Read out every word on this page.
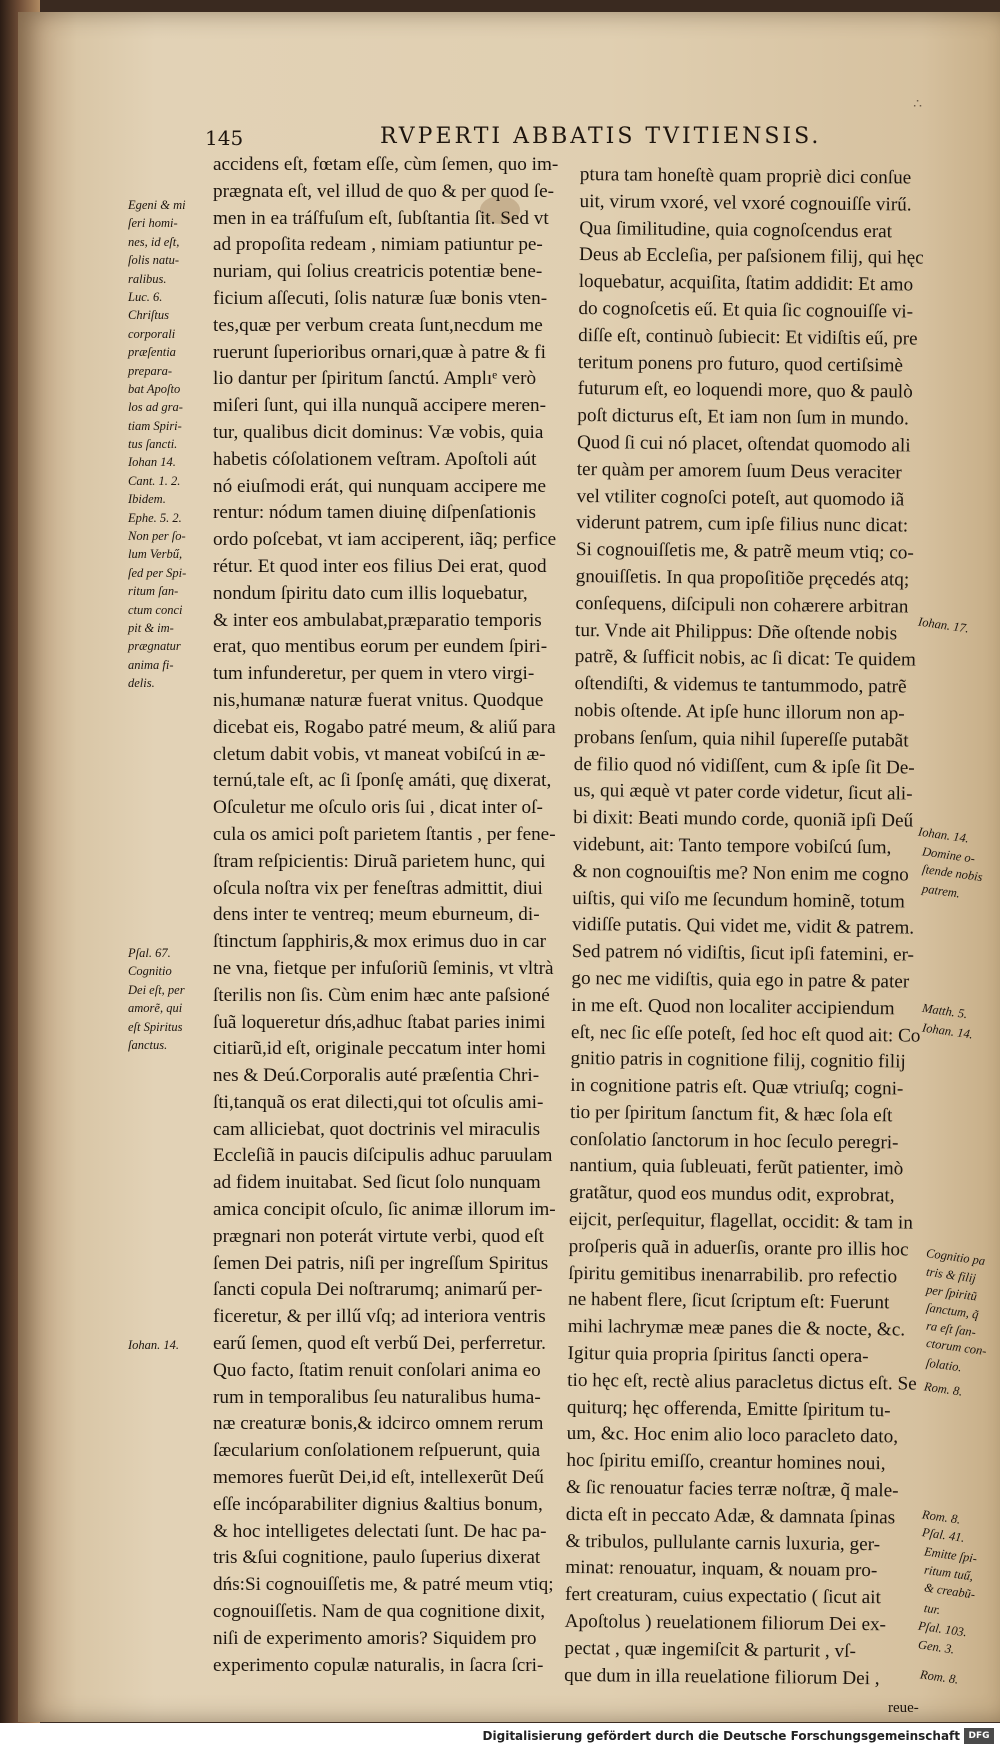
145	RVPERTI ABBATIS TVITIENSIS.
∴
accidens eſt, fœtam eſſe, cùm ſemen, quo im-
prægnata eſt, vel illud de quo & per quod ſe-
men in ea tráſfuſum eſt, ſubſtantia ſit. Sed vt
ad propoſita redeam , nimiam patiuntur pe-
nuriam, qui ſolius creatricis potentiæ bene-
ficium aſſecuti, ſolis naturæ ſuæ bonis vten-
tes,quæ per verbum creata ſunt,necdum me
ruerunt ſuperioribus ornari,quæ à patre & fi
lio dantur per ſpiritum ſanctú. Amplıᵉ verò
miſeri ſunt, qui illa nunquã accipere meren-
tur, qualibus dicit dominus: Væ vobis, quia
habetis cóſolationem veſtram. Apoſtoli aút
nó eiuſmodi erát, qui nunquam accipere me
rentur: nódum tamen diuinę diſpenſationis
ordo poſcebat, vt iam acciperent, iãq; perfice
rétur. Et quod inter eos filius Dei erat, quod
nondum ſpiritu dato cum illis loquebatur,
& inter eos ambulabat,præparatio temporis
erat, quo mentibus eorum per eundem ſpiri-
tum infunderetur, per quem in vtero virgi-
nis,humanæ naturæ fuerat vnitus. Quodque
dicebat eis, Rogabo patré meum, & aliű para
cletum dabit vobis, vt maneat vobiſcú in æ-
ternú,tale eſt, ac ſi ſponſę amáti, quę dixerat,
Oſculetur me oſculo oris ſui , dicat inter oſ-
cula os amici poſt parietem ſtantis , per fene-
ſtram reſpicientis: Diruã parietem hunc, qui
oſcula noſtra vix per feneſtras admittit, diui
dens inter te ventreq; meum eburneum, di-
ſtinctum ſapphiris,& mox erimus duo in car
ne vna, fietque per infuſoriũ ſeminis, vt vltrà
ſterilis non ſis. Cùm enim hæc ante paſsioné
ſuã loqueretur dńs,adhuc ſtabat paries inimi
citiarũ,id eſt, originale peccatum inter homi
nes & Deú.Corporalis auté præſentia Chri-
ſti,tanquã os erat dilecti,qui tot oſculis ami-
cam alliciebat, quot doctrinis vel miraculis
Eccleſiã in paucis diſcipulis adhuc paruulam
ad fidem inuitabat. Sed ſicut ſolo nunquam
amica concipit oſculo, ſic animæ illorum im-
prægnari non poterát virtute verbi, quod eſt
ſemen Dei patris, niſi per ingreſſum Spiritus
ſancti copula Dei noſtrarumq; animarű per-
ficeretur, & per illű vſq; ad interiora ventris
earű ſemen, quod eſt verbű Dei, perferretur.
Quo facto, ſtatim renuit conſolari anima eo
rum in temporalibus ſeu naturalibus huma-
næ creaturæ bonis,& idcirco omnem rerum
ſæcularium conſolationem reſpuerunt, quia
memores fuerũt Dei,id eſt, intellexerũt Deű
eſſe incóparabiliter dignius &altius bonum,
& hoc intelligetes delectati ſunt. De hac pa-
tris &ſui cognitione, paulo ſuperius dixerat
dńs:Si cognouiſſetis me, & patré meum vtiq;
cognouiſſetis. Nam de qua cognitione dixit,
niſi de experimento amoris? Siquidem pro
experimento copulæ naturalis, in ſacra ſcri-
ptura tam honeſtè quam propriè dici conſue
uit, virum vxoré, vel vxoré cognouiſſe virű.
Qua ſimilitudine, quia cognoſcendus erat
Deus ab Eccleſia, per paſsionem filij, qui hęc
loquebatur, acquiſita, ſtatim addidit: Et amo
do cognoſcetis eű. Et quia ſic cognouiſſe vi-
diſſe eſt, continuò ſubiecit: Et vidiſtis eű, pre
teritum ponens pro futuro, quod certiſsimè
futurum eſt, eo loquendi more, quo & paulò
poſt dicturus eſt, Et iam non ſum in mundo.
Quod ſi cui nó placet, oſtendat quomodo ali
ter quàm per amorem ſuum Deus veraciter
vel vtiliter cognoſci poteſt, aut quomodo iã
viderunt patrem, cum ipſe filius nunc dicat:
Si cognouiſſetis me, & patrẽ meum vtiq; co-
gnouiſſetis. In qua propoſitiõe pręcedés atq;
conſequens, diſcipuli non cohærere arbitran
tur. Vnde ait Philippus: Dñe oſtende nobis
patrẽ, & ſufficit nobis, ac ſi dicat: Te quidem
oſtendiſti, & videmus te tantummodo, patrẽ
nobis oſtende. At ipſe hunc illorum non ap-
probans ſenſum, quia nihil ſupereſſe putabãt
de filio quod nó vidiſſent, cum & ipſe ſit De-
us, qui æquè vt pater corde videtur, ſicut ali-
bi dixit: Beati mundo corde, quoniã ipſi Deű
videbunt, ait: Tanto tempore vobiſcú ſum,
& non cognouiſtis me? Non enim me cogno
uiſtis, qui viſo me ſecundum hominẽ, totum
vidiſſe putatis. Qui videt me, vidit & patrem.
Sed patrem nó vidiſtis, ſicut ipſi fatemini, er-
go nec me vidiſtis, quia ego in patre & pater
in me eſt. Quod non localiter accipiendum
eſt, nec ſic eſſe poteſt, ſed hoc eſt quod ait: Co
gnitio patris in cognitione filij, cognitio filij
in cognitione patris eſt. Quæ vtriuſq; cogni-
tio per ſpiritum ſanctum fit, & hæc ſola eſt
conſolatio ſanctorum in hoc ſeculo peregri-
nantium, quia ſubleuati, ferũt patienter, imò
gratãtur, quod eos mundus odit, exprobrat,
eijcit, perſequitur, flagellat, occidit: & tam in
proſperis quã in aduerſis, orante pro illis hoc
ſpiritu gemitibus inenarrabilib. pro refectio
ne habent flere, ſicut ſcriptum eſt: Fuerunt
mihi lachrymæ meæ panes die & nocte, &c.
Igitur quia propria ſpiritus ſancti opera-
tio hęc eſt, rectè alius paracletus dictus eſt. Se
quiturq; hęc offerenda, Emitte ſpiritum tu-
um, &c. Hoc enim alio loco paracleto dato,
hoc ſpiritu emiſſo, creantur homines noui,
& ſic renouatur facies terræ noſtræ, q̃ male-
dicta eſt in peccato Adæ, & damnata ſpinas
& tribulos, pullulante carnis luxuria, ger-
minat: renouatur, inquam, & nouam pro-
fert creaturam, cuius expectatio ( ſicut ait
Apoſtolus ) reuelationem filiorum Dei ex-
pectat , quæ ingemiſcit & parturit , vſ-
que dum in illa reuelatione filiorum Dei ,
Egeni & mi
ſeri homi-
nes, id eſt,
ſolis natu-
ralibus.
Luc. 6.
Chriſtus
corporali
præſentia
prepara-
bat Apoſto
los ad gra-
tiam Spiri-
tus ſancti.
Iohan 14.
Cant. 1. 2.
Ibidem.
Ephe. 5. 2.
Non per ſo-
lum Verbű,
ſed per Spi-
ritum ſan-
ctum conci
pit & im-
prægnatur
anima fi-
delis.
Pſal. 67.
Cognitio
Dei eſt, per
amorẽ, qui
eſt Spiritus
ſanctus.
Iohan. 14.
Iohan. 17.
Iohan. 14.
Domine o-
ſtende nobis
patrem.
Matth. 5.
Iohan. 14.
Cognitio pa
tris & filij
per ſpiritũ
ſanctum, q̃
ra eſt ſan-
ctorum con-
ſolatio.
Rom. 8.
Rom. 8.
Pſal. 41.
Emitte ſpi-
ritum tuű,
& creabũ-
tur.
Pſal. 103.
Gen. 3.
Rom. 8.
reue-
Digitalisierung gefördert durch die Deutsche Forschungsgemeinschaft DFG
